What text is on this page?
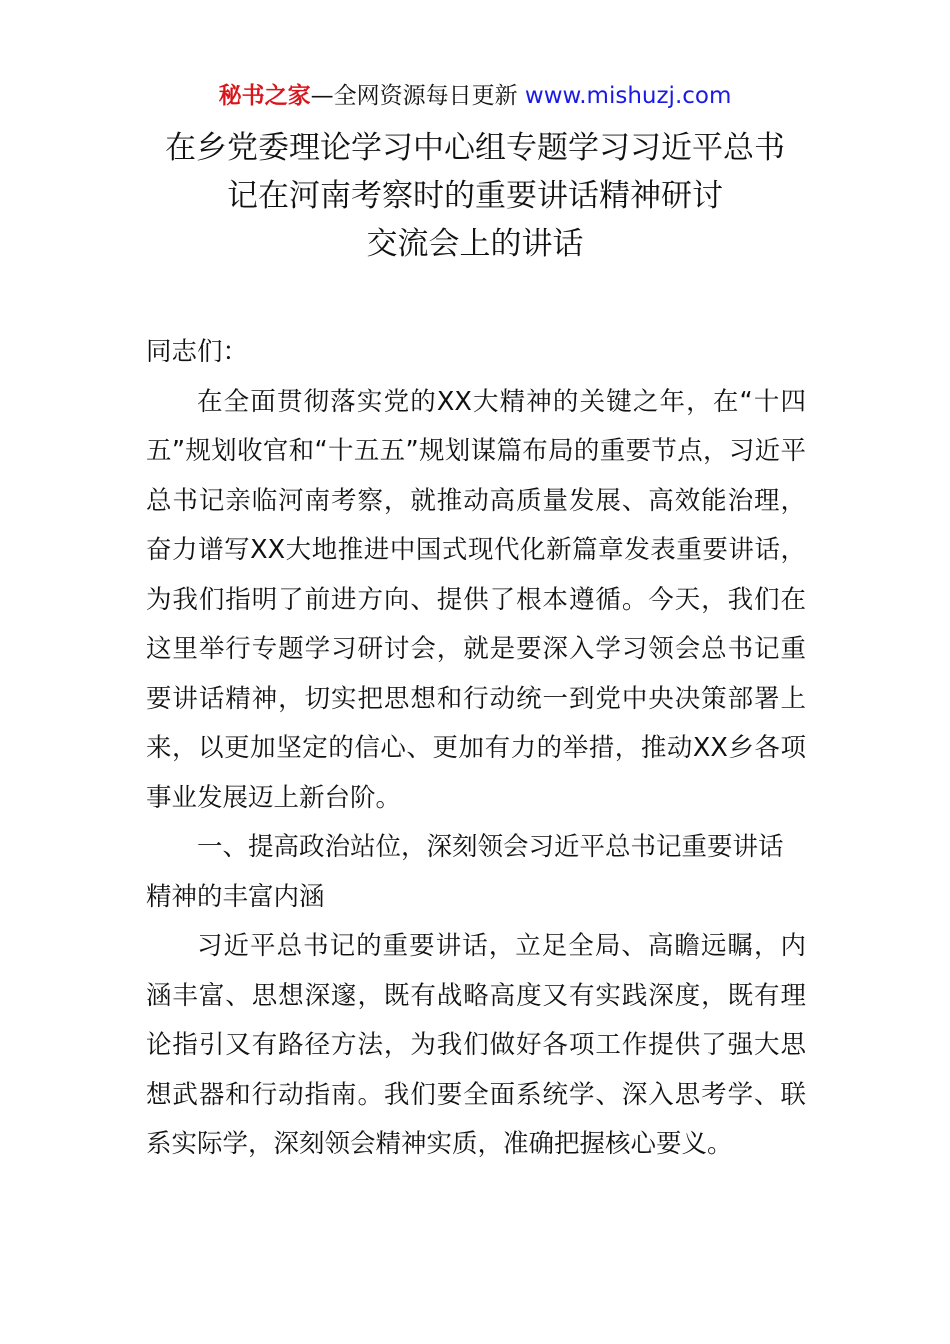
秘书之家—全网资源每日更新 www.mishuzj.com
在乡党委理论学习中心组专题学习习近平总书
记在河南考察时的重要讲话精神研讨
交流会上的讲话

同志们：

在全面贯彻落实党的XX大精神的关键之年，在“十四五”规划收官和“十五五”规划谋篇布局的重要节点，习近平总书记亲临河南考察，就推动高质量发展、高效能治理，奋力谱写XX大地推进中国式现代化新篇章发表重要讲话，为我们指明了前进方向、提供了根本遵循。今天，我们在这里举行专题学习研讨会，就是要深入学习领会总书记重要讲话精神，切实把思想和行动统一到党中央决策部署上来，以更加坚定的信心、更加有力的举措，推动XX乡各项事业发展迈上新台阶。

一、提高政治站位，深刻领会习近平总书记重要讲话精神的丰富内涵

习近平总书记的重要讲话，立足全局、高瞻远瞩，内涵丰富、思想深邃，既有战略高度又有实践深度，既有理论指引又有路径方法，为我们做好各项工作提供了强大思想武器和行动指南。我们要全面系统学、深入思考学、联系实际学，深刻领会精神实质，准确把握核心要义。
